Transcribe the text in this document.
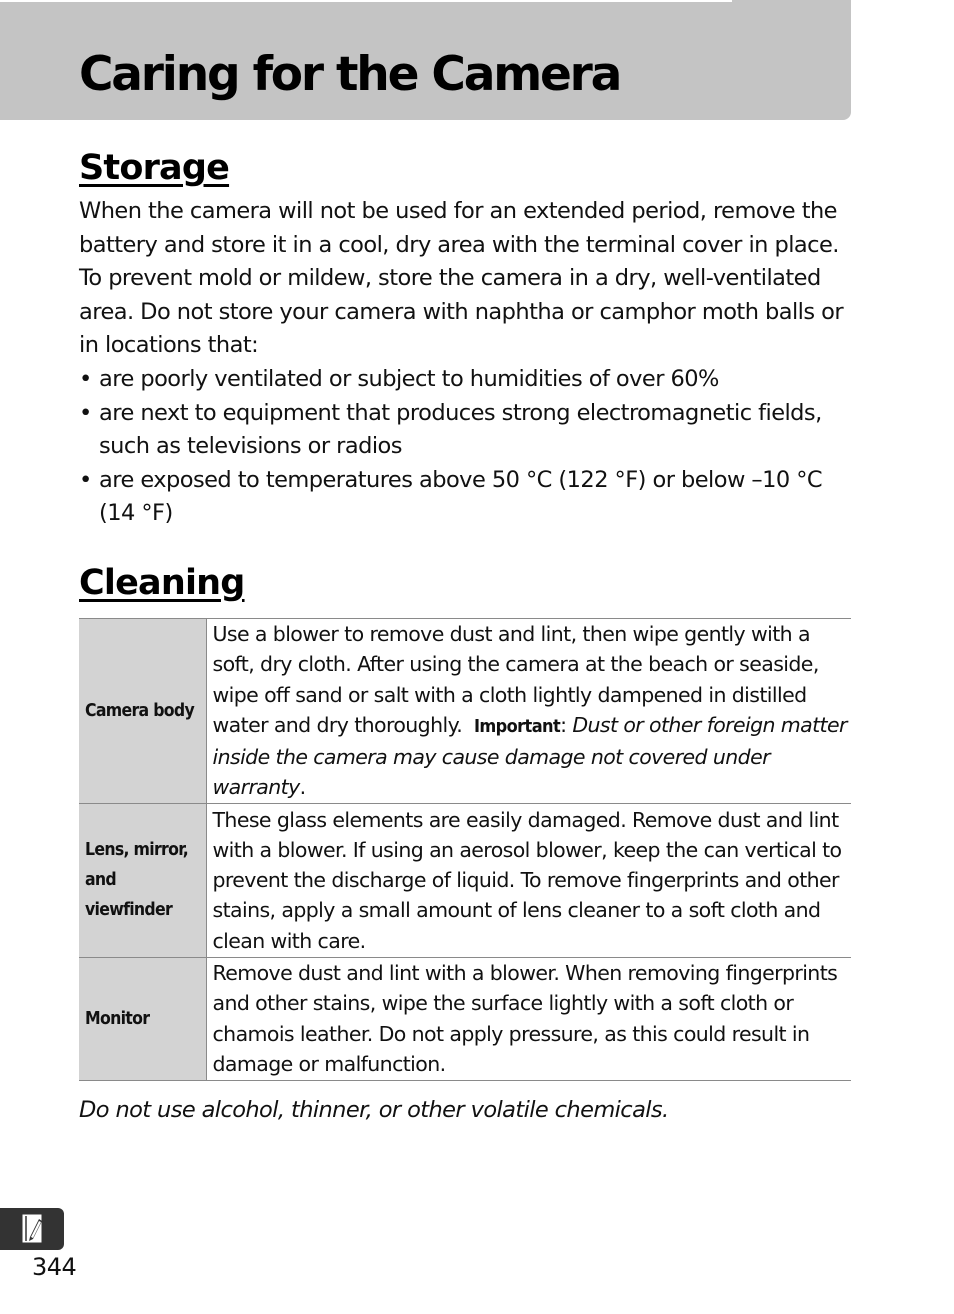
Caring for the Camera
Storage

When the camera will not be used for an extended period, remove the battery and store it in a cool, dry area with the terminal cover in place. To prevent mold or mildew, store the camera in a dry, well-ventilated area. Do not store your camera with naphtha or camphor moth balls or in locations that:

• are poorly ventilated or subject to humidities of over 60%
• are next to equipment that produces strong electromagnetic fields, such as televisions or radios
• are exposed to temperatures above 50 °C (122 °F) or below –10 °C (14 °F)
Cleaning
Camera body	Use a blower to remove dust and lint, then wipe gently with a soft, dry cloth. After using the camera at the beach or seaside, wipe off sand or salt with a cloth lightly dampened in distilled water and dry thoroughly. Important: Dust or other foreign matter inside the camera may cause damage not covered under warranty.
Lens, mirror, and viewfinder	These glass elements are easily damaged. Remove dust and lint with a blower. If using an aerosol blower, keep the can vertical to prevent the discharge of liquid. To remove fingerprints and other stains, apply a small amount of lens cleaner to a soft cloth and clean with care.
Monitor	Remove dust and lint with a blower. When removing fingerprints and other stains, wipe the surface lightly with a soft cloth or chamois leather. Do not apply pressure, as this could result in damage or malfunction.

Do not use alcohol, thinner, or other volatile chemicals.

344
